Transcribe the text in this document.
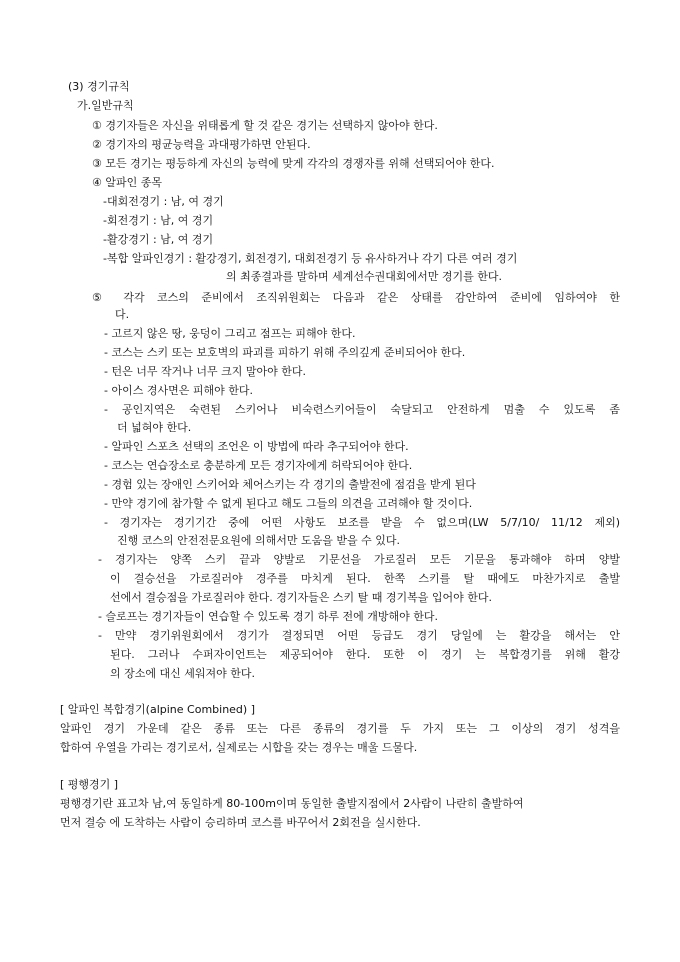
(3) 경기규칙
가.일반규칙
① 경기자들은 자신을 위태롭게 할 것 같은 경기는 선택하지 않아야 한다.
② 경기자의 평균능력을 과대평가하면 안된다.
③ 모든 경기는 평등하게 자신의 능력에 맞게 각각의 경쟁자를 위해 선택되어야 한다.
④ 알파인 종목
-대회전경기 : 남, 여 경기
-회전경기 : 남, 여 경기
-활강경기 : 남, 여 경기
-복합 알파인경기 : 활강경기, 회전경기, 대회전경기 등 유사하거나 각기 다른 여러 경기
의 최종결과를 말하며 세계선수권대회에서만 경기를 한다.
⑤ 각각 코스의 준비에서 조직위원회는 다음과 같은 상태를 감안하여 준비에 임하여야 한
다.
- 고르지 않은 땅, 웅덩이 그리고 점프는 피해야 한다.
- 코스는 스키 또는 보호벽의 파괴를 피하기 위해 주의깊게 준비되어야 한다.
- 턴은 너무 작거나 너무 크지 말아야 한다.
- 아이스 경사면은 피해야 한다.
- 공인지역은 숙련된 스키어나 비숙련스키어들이 숙달되고 안전하게 멈출 수 있도록 좀
더 넓혀야 한다.
- 알파인 스포츠 선택의 조언은 이 방법에 따라 추구되어야 한다.
- 코스는 연습장소로 충분하게 모든 경기자에게 허락되어야 한다.
- 경험 있는 장애인 스키어와 체어스키는 각 경기의 출발전에 점검을 받게 된다
- 만약 경기에 참가할 수 없게 된다고 해도 그들의 의견을 고려해야 할 것이다.
- 경기자는 경기기간 중에 어떤 사항도 보조를 받을 수 없으며(LW 5/7/10/ 11/12 제외)
진행 코스의 안전전문요원에 의해서만 도움을 받을 수 있다.
- 경기자는 양쪽 스키 끝과 양발로 기문선을 가로질러 모든 기문을 통과해야 하며 양발
이 결승선을 가로질러야 경주를 마치게 된다. 한쪽 스키를 탈 때에도 마찬가지로 출발
선에서 결승점을 가로질러야 한다. 경기자들은 스키 탈 때 경기복을 입어야 한다.
- 슬로프는 경기자들이 연습할 수 있도록 경기 하루 전에 개방해야 한다.
- 만약 경기위원회에서 경기가 결정되면 어떤 등급도 경기 당일에 는 활강을 해서는 안
된다. 그러나 수퍼자이언트는 제공되어야 한다. 또한 이 경기 는 복합경기를 위해 활강
의 장소에 대신 세워져야 한다.
[ 알파인 복합경기(alpine Combined) ]
알파인 경기 가운데 같은 종류 또는 다른 종류의 경기를 두 가지 또는 그 이상의 경기 성격을
합하여 우열을 가리는 경기로서, 실제로는 시합을 갖는 경우는 매울 드물다.
[ 평행경기 ]
평행경기란 표고차 남,여 동일하게 80-100m이며 동일한 출발지점에서 2사람이 나란히 출발하여
먼저 결승 에 도착하는 사람이 승리하며 코스를 바꾸어서 2회전을 실시한다.
